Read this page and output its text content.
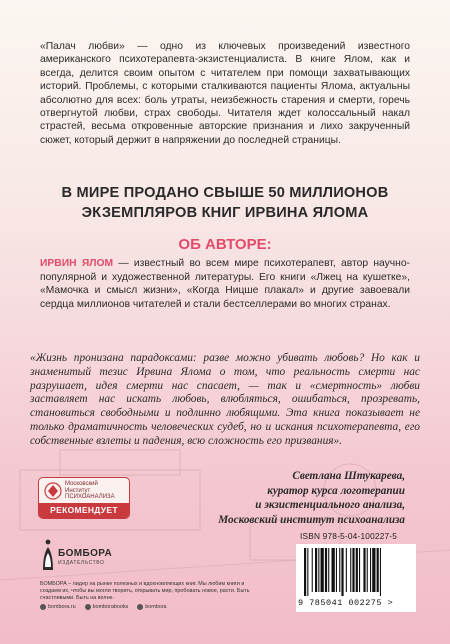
«Палач любви» — одно из ключевых произведений известного американского психотерапевта-экзистенциалиста. В книге Ялом, как и всегда, делится своим опытом с читателем при помощи захватывающих историй. Проблемы, с которыми сталкиваются пациенты Ялома, актуальны абсолютно для всех: боль утраты, неизбежность старения и смерти, горечь отвергнутой любви, страх свободы. Читателя ждет колоссальный накал страстей, весьма откровенные авторские признания и лихо закрученный сюжет, который держит в напряжении до последней страницы.
В МИРЕ ПРОДАНО СВЫШЕ 50 МИЛЛИОНОВ
ЭКЗЕМПЛЯРОВ КНИГ ИРВИНА ЯЛОМА
ОБ АВТОРЕ:
ИРВИН ЯЛОМ — известный во всем мире психотерапевт, автор научно-популярной и художественной литературы. Его книги «Лжец на кушетке», «Мамочка и смысл жизни», «Когда Ницше плакал» и другие завоевали сердца миллионов читателей и стали бестселлерами во многих странах.
«Жизнь пронизана парадоксами: разве можно убивать любовь? Но как и знаменитый тезис Ирвина Ялома о том, что реальность смерти нас разрушает, идея смерти нас спасает, — так и «смертность» любви заставляет нас искать любовь, влюбляться, ошибаться, прозревать, становиться свободными и подлинно любящими. Эта книга показывает не только драматичность человеческих судеб, но и искания психотерапевта, его собственные взлеты и падения, всю сложность его призвания».
Светлана Штукарева,
куратор курса логотерапии
и экзистенциального анализа,
Московский институт психоанализа
Московский
Институт
ПСИХОАНАЛИЗА
РЕКОМЕНДУЕТ
БОМБОРА
ИЗДАТЕЛЬСТВО
БОМБОРА – лидер на рынке полезных и вдохновляющих книг. Мы любим книги и создаем их, чтобы вы могли творить, открывать мир, пробовать новое, расти. Быть счастливыми. Быть на волне.
bombora.ru	bomborabooks	bombora
ISBN 978-5-04-100227-5
9 785041 002275 >
